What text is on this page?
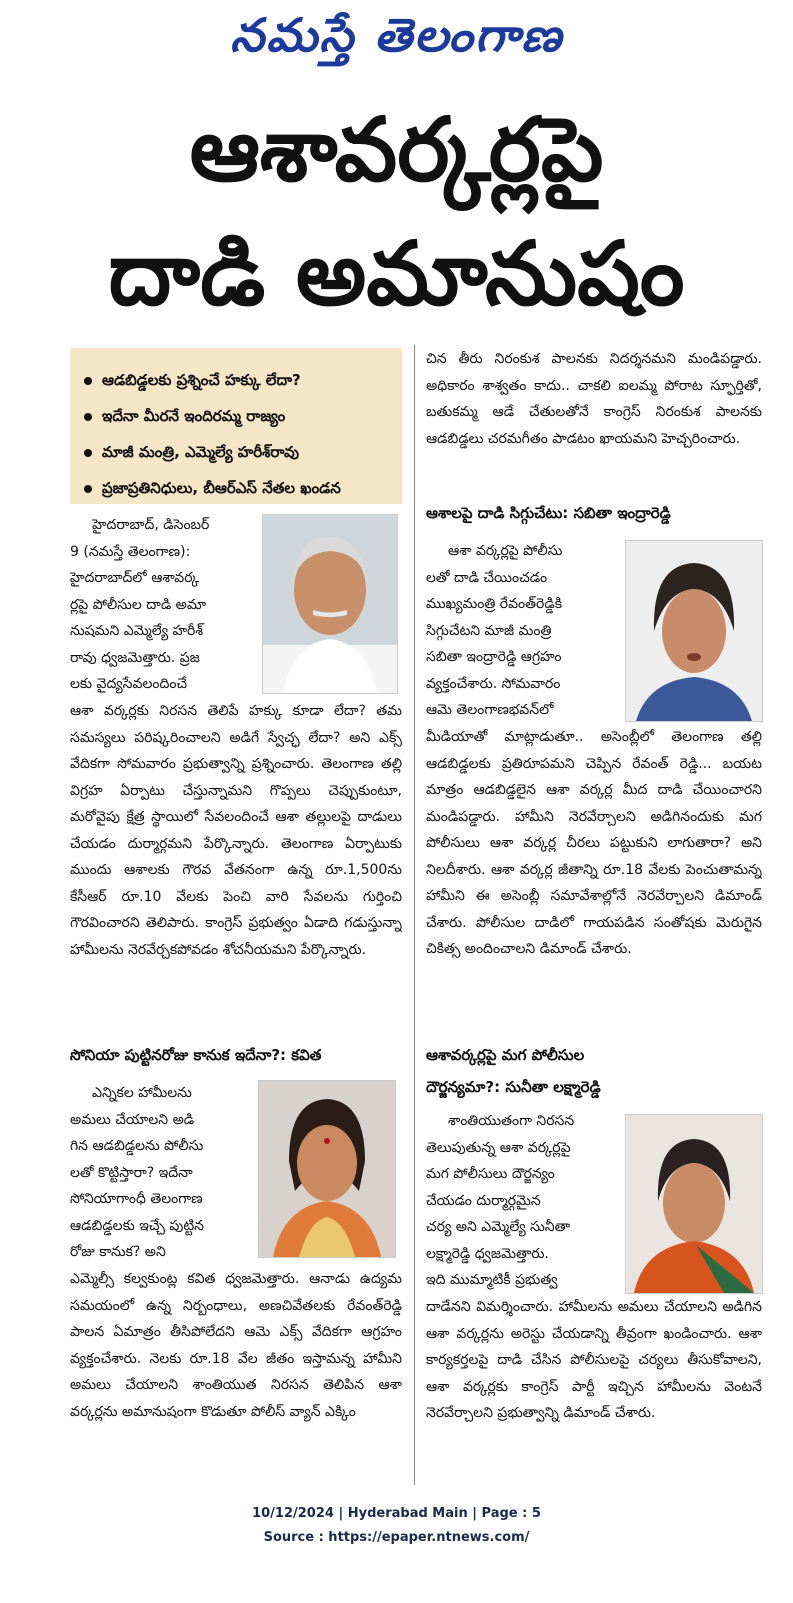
నమస్తే తెలంగాణ
ఆశావర్కర్లపై
దాడి అమానుషం
ఆడబిడ్డలకు ప్రశ్నించే హక్కు లేదా?
ఇదేనా మీరనే ఇందిరమ్మ రాజ్యం
మాజీ మంత్రి, ఎమ్మెల్యే హరీశ్‌రావు
ప్రజాప్రతినిధులు, బీఆర్‌ఎస్ నేతల ఖండన

హైదరాబాద్, డిసెంబర్

9 (నమస్తే తెలంగాణ):

హైదరాబాద్‌లో ఆశావర్క

ర్లపై పోలీసుల దాడి అమా

నుషమని ఎమ్మెల్యే హరీశ్

రావు ధ్వజమెత్తారు. ప్రజ

లకు వైద్యసేవలందించే

ఆశా వర్కర్లకు నిరసన తెలిపే హక్కు కూడా లేదా? తమ సమస్యలు పరిష్కరించాలని అడిగే స్వేచ్ఛ లేదా? అని ఎక్స్ వేదికగా సోమవారం ప్రభుత్వాన్ని ప్రశ్నించారు. తెలంగాణ తల్లి విగ్రహ ఏర్పాటు చేస్తున్నామని గొప్పలు చెప్పుకుంటూ, మరోవైపు క్షేత్ర స్థాయిలో సేవలందించే ఆశా తల్లులపై దాడులు చేయడం దుర్మార్గమని పేర్కొన్నారు. తెలంగాణ ఏర్పాటుకు ముందు ఆశాలకు గౌరవ వేతనంగా ఉన్న రూ.1,500ను కేసీఆర్ రూ.10 వేలకు పెంచి వారి సేవలను గుర్తించి గౌరవించారని తెలిపారు. కాంగ్రెస్ ప్రభుత్వం ఏడాది గడుస్తున్నా హామీలను నెరవేర్చకపోవడం శోచనీయమని పేర్కొన్నారు.
సోనియా పుట్టినరోజు కానుక ఇదేనా?: కవిత

ఎన్నికల హామీలను

అమలు చేయాలని అడి

గిన ఆడబిడ్డలను పోలీసు

లతో కొట్టిస్తారా? ఇదేనా

సోనియాగాంధీ తెలంగాణ

ఆడబిడ్డలకు ఇచ్చే పుట్టిన

రోజు కానుక? అని

ఎమ్మెల్సీ కల్వకుంట్ల కవిత ధ్వజమెత్తారు. ఆనాడు ఉద్యమ సమయంలో ఉన్న నిర్బంధాలు, అణచివేతలకు రేవంత్‌రెడ్డి పాలన ఏమాత్రం తీసిపోలేదని ఆమె ఎక్స్ వేదికగా ఆగ్రహం వ్యక్తంచేశారు. నెలకు రూ.18 వేల జీతం ఇస్తామన్న హామీని అమలు చేయాలని శాంతియుత నిరసన తెలిపిన ఆశా వర్కర్లను అమానుషంగా కొడుతూ పోలీస్ వ్యాన్ ఎక్కిం
చిన తీరు నిరంకుశ పాలనకు నిదర్శనమని మండిపడ్డారు. అధికారం శాశ్వతం కాదు.. చాకలి ఐలమ్మ పోరాట స్ఫూర్తితో, బతుకమ్మ ఆడే చేతులతోనే కాంగ్రెస్ నిరంకుశ పాలనకు ఆడబిడ్డలు చరమగీతం పాడటం ఖాయమని హెచ్చరించారు.
ఆశాలపై దాడి సిగ్గుచేటు: సబితా ఇంద్రారెడ్డి

ఆశా వర్కర్లపై పోలీసు

లతో దాడి చేయించడం

ముఖ్యమంత్రి రేవంత్‌రెడ్డికి

సిగ్గుచేటని మాజీ మంత్రి

సబితా ఇంద్రారెడ్డి ఆగ్రహం

వ్యక్తంచేశారు. సోమవారం

ఆమె తెలంగాణభవన్‌లో

మీడియాతో మాట్లాడుతూ.. అసెంబ్లీలో తెలంగాణ తల్లి ఆడబిడ్డలకు ప్రతిరూపమని చెప్పిన రేవంత్ రెడ్డి... బయట మాత్రం ఆడబిడ్డలైన ఆశా వర్కర్ల మీద దాడి చేయించారని మండిపడ్డారు. హామీని నెరవేర్చాలని అడిగినందుకు మగ పోలీసులు ఆశా వర్కర్ల చీరలు పట్టుకుని లాగుతారా? అని నిలదీశారు. ఆశా వర్కర్ల జీతాన్ని రూ.18 వేలకు పెంచుతామన్న హామీని ఈ అసెంబ్లీ సమావేశాల్లోనే నెరవేర్చాలని డిమాండ్ చేశారు. పోలీసుల దాడిలో గాయపడిన సంతోషకు మెరుగైన చికిత్స అందించాలని డిమాండ్ చేశారు.
ఆశావర్కర్లపై మగ పోలీసుల
దౌర్జన్యమా?: సునీతా లక్ష్మారెడ్డి

శాంతియుతంగా నిరసన

తెలుపుతున్న ఆశా వర్కర్లపై

మగ పోలీసులు దౌర్జన్యం

చేయడం దుర్మార్గమైన

చర్య అని ఎమ్మెల్యే సునీతా

లక్ష్మారెడ్డి ధ్వజమెత్తారు.

ఇది ముమ్మాటికీ ప్రభుత్వ

దాడేనని విమర్శించారు. హామీలను అమలు చేయాలని అడిగిన ఆశా వర్కర్లను అరెస్టు చేయడాన్ని తీవ్రంగా ఖండించారు. ఆశా కార్యకర్తలపై దాడి చేసిన పోలీసులపై చర్యలు తీసుకోవాలని, ఆశా వర్కర్లకు కాంగ్రెస్ పార్టీ ఇచ్చిన హామీలను వెంటనే నెరవేర్చాలని ప్రభుత్వాన్ని డిమాండ్ చేశారు.
10/12/2024 | Hyderabad Main | Page : 5
Source : https://epaper.ntnews.com/
